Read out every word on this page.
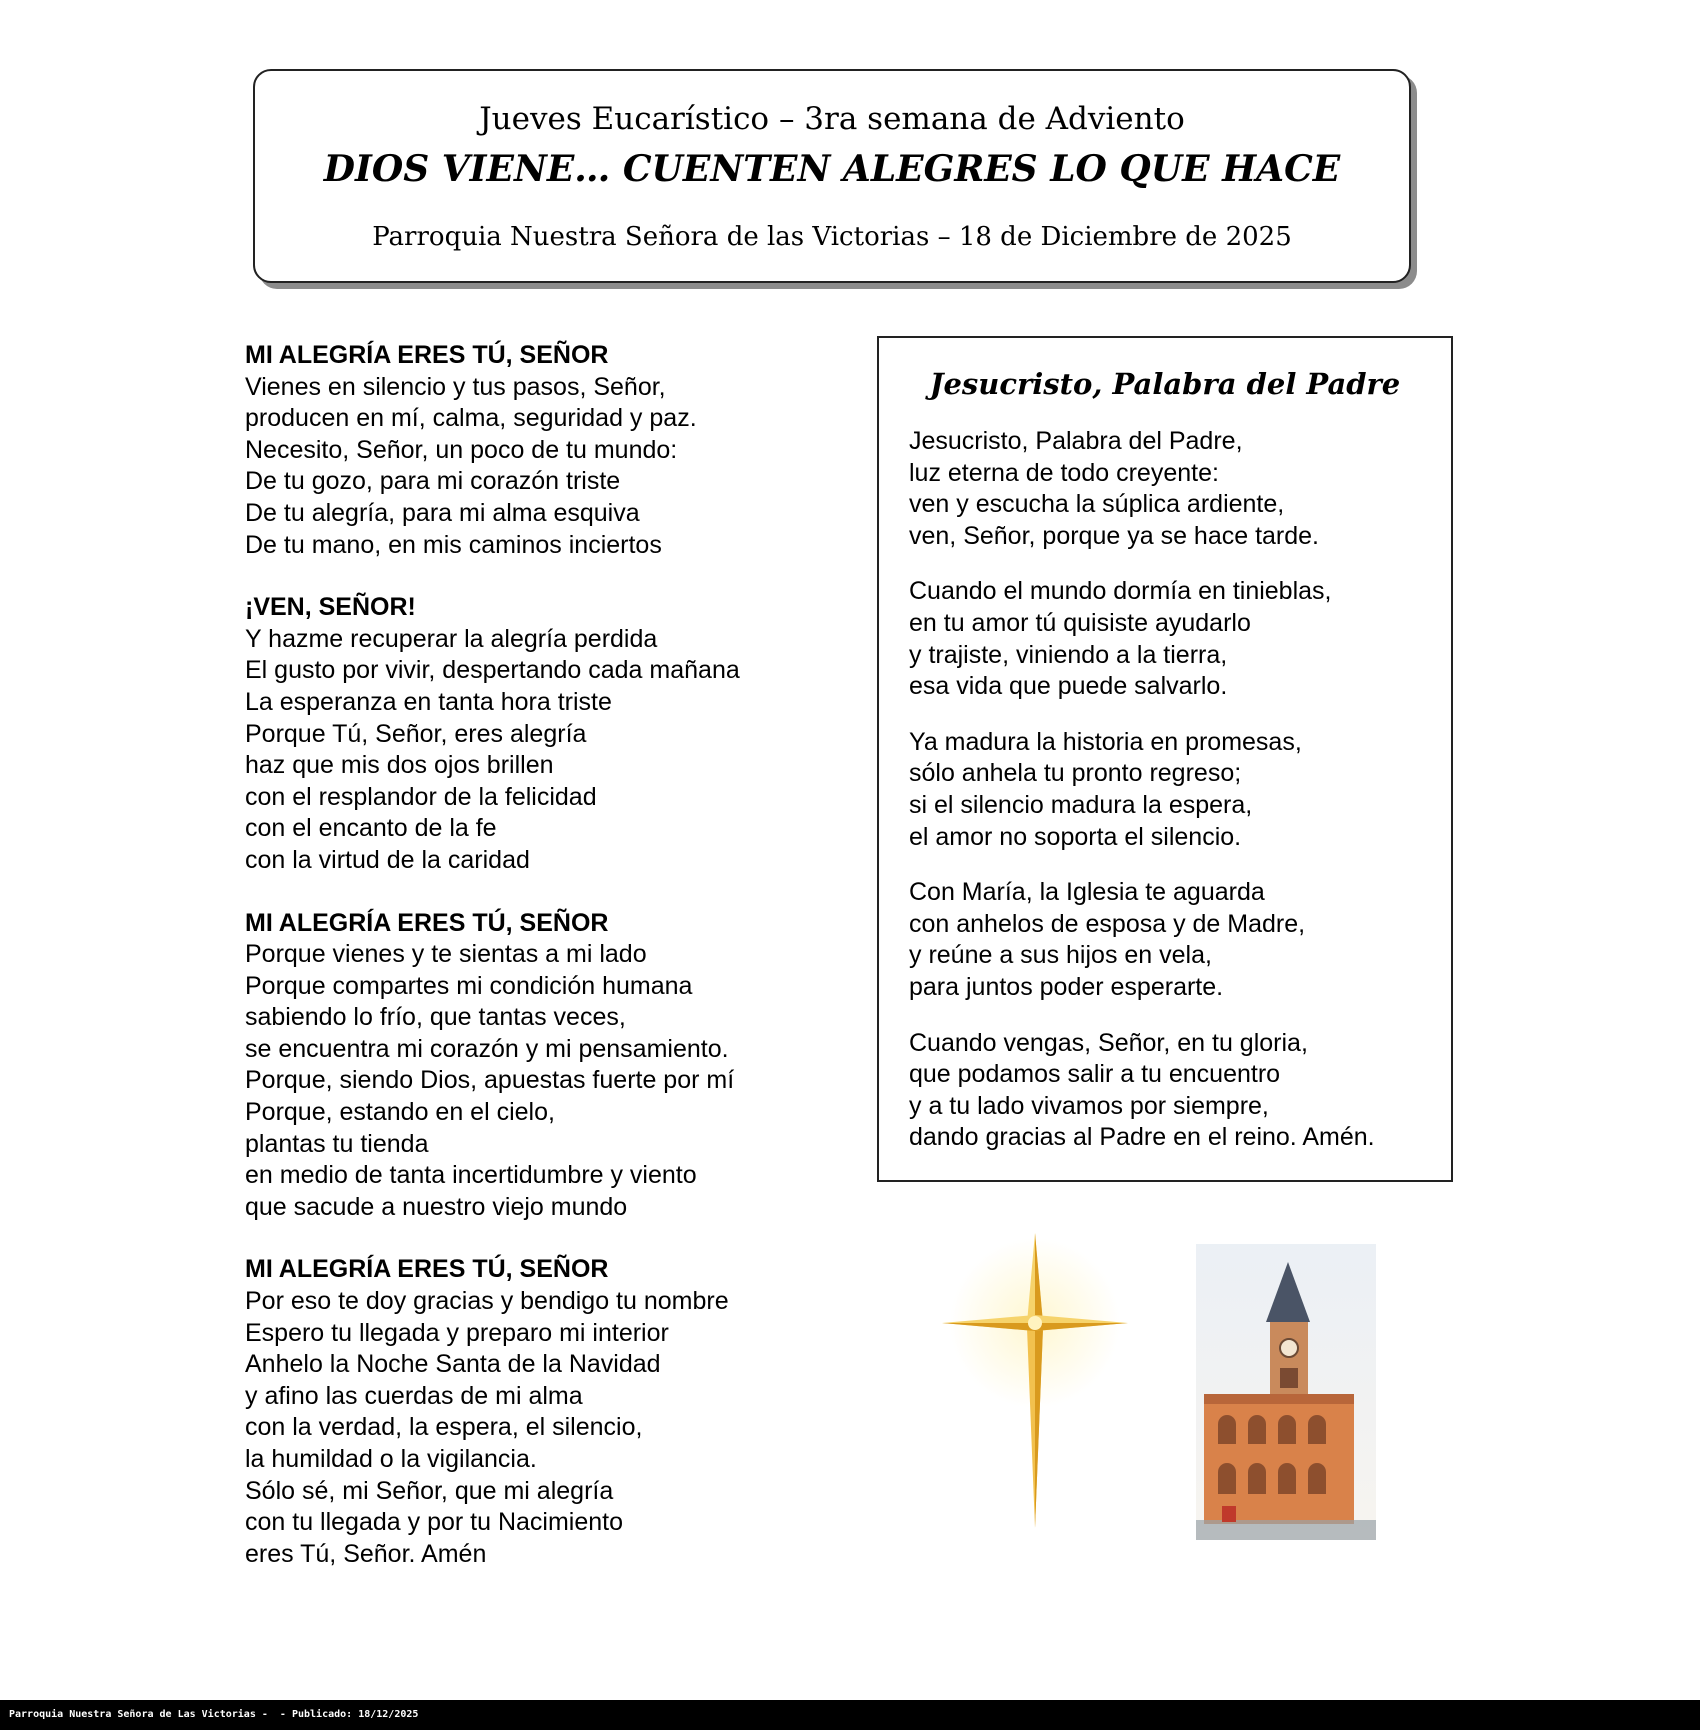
Jueves Eucarístico – 3ra semana de Adviento
DIOS VIENE… CUENTEN ALEGRES LO QUE HACE
Parroquia Nuestra Señora de las Victorias – 18 de Diciembre de 2025
MI ALEGRÍA ERES TÚ, SEÑOR
Vienes en silencio y tus pasos, Señor,
producen en mí, calma, seguridad y paz.
Necesito, Señor, un poco de tu mundo:
De tu gozo, para mi corazón triste
De tu alegría, para mi alma esquiva
De tu mano, en mis caminos inciertos
¡VEN, SEÑOR!
Y hazme recuperar la alegría perdida
El gusto por vivir, despertando cada mañana
La esperanza en tanta hora triste
Porque Tú, Señor, eres alegría
haz que mis dos ojos brillen
con el resplandor de la felicidad
con el encanto de la fe
con la virtud de la caridad
MI ALEGRÍA ERES TÚ, SEÑOR
Porque vienes y te sientas a mi lado
Porque compartes mi condición humana
sabiendo lo frío, que tantas veces,
se encuentra mi corazón y mi pensamiento.
Porque, siendo Dios, apuestas fuerte por mí
Porque, estando en el cielo,
plantas tu tienda
en medio de tanta incertidumbre y viento
que sacude a nuestro viejo mundo
MI ALEGRÍA ERES TÚ, SEÑOR
Por eso te doy gracias y bendigo tu nombre
Espero tu llegada y preparo mi interior
Anhelo la Noche Santa de la Navidad
y afino las cuerdas de mi alma
con la verdad, la espera, el silencio,
la humildad o la vigilancia.
Sólo sé, mi Señor, que mi alegría
con tu llegada y por tu Nacimiento
eres Tú, Señor. Amén
Jesucristo, Palabra del Padre
Jesucristo, Palabra del Padre,
luz eterna de todo creyente:
ven y escucha la súplica ardiente,
ven, Señor, porque ya se hace tarde.
Cuando el mundo dormía en tinieblas,
en tu amor tú quisiste ayudarlo
y trajiste, viniendo a la tierra,
esa vida que puede salvarlo.
Ya madura la historia en promesas,
sólo anhela tu pronto regreso;
si el silencio madura la espera,
el amor no soporta el silencio.
Con María, la Iglesia te aguarda
con anhelos de esposa y de Madre,
y reúne a sus hijos en vela,
para juntos poder esperarte.
Cuando vengas, Señor, en tu gloria,
que podamos salir a tu encuentro
y a tu lado vivamos por siempre,
dando gracias al Padre en el reino. Amén.
Parroquia Nuestra Señora de Las Victorias -  - Publicado: 18/12/2025
